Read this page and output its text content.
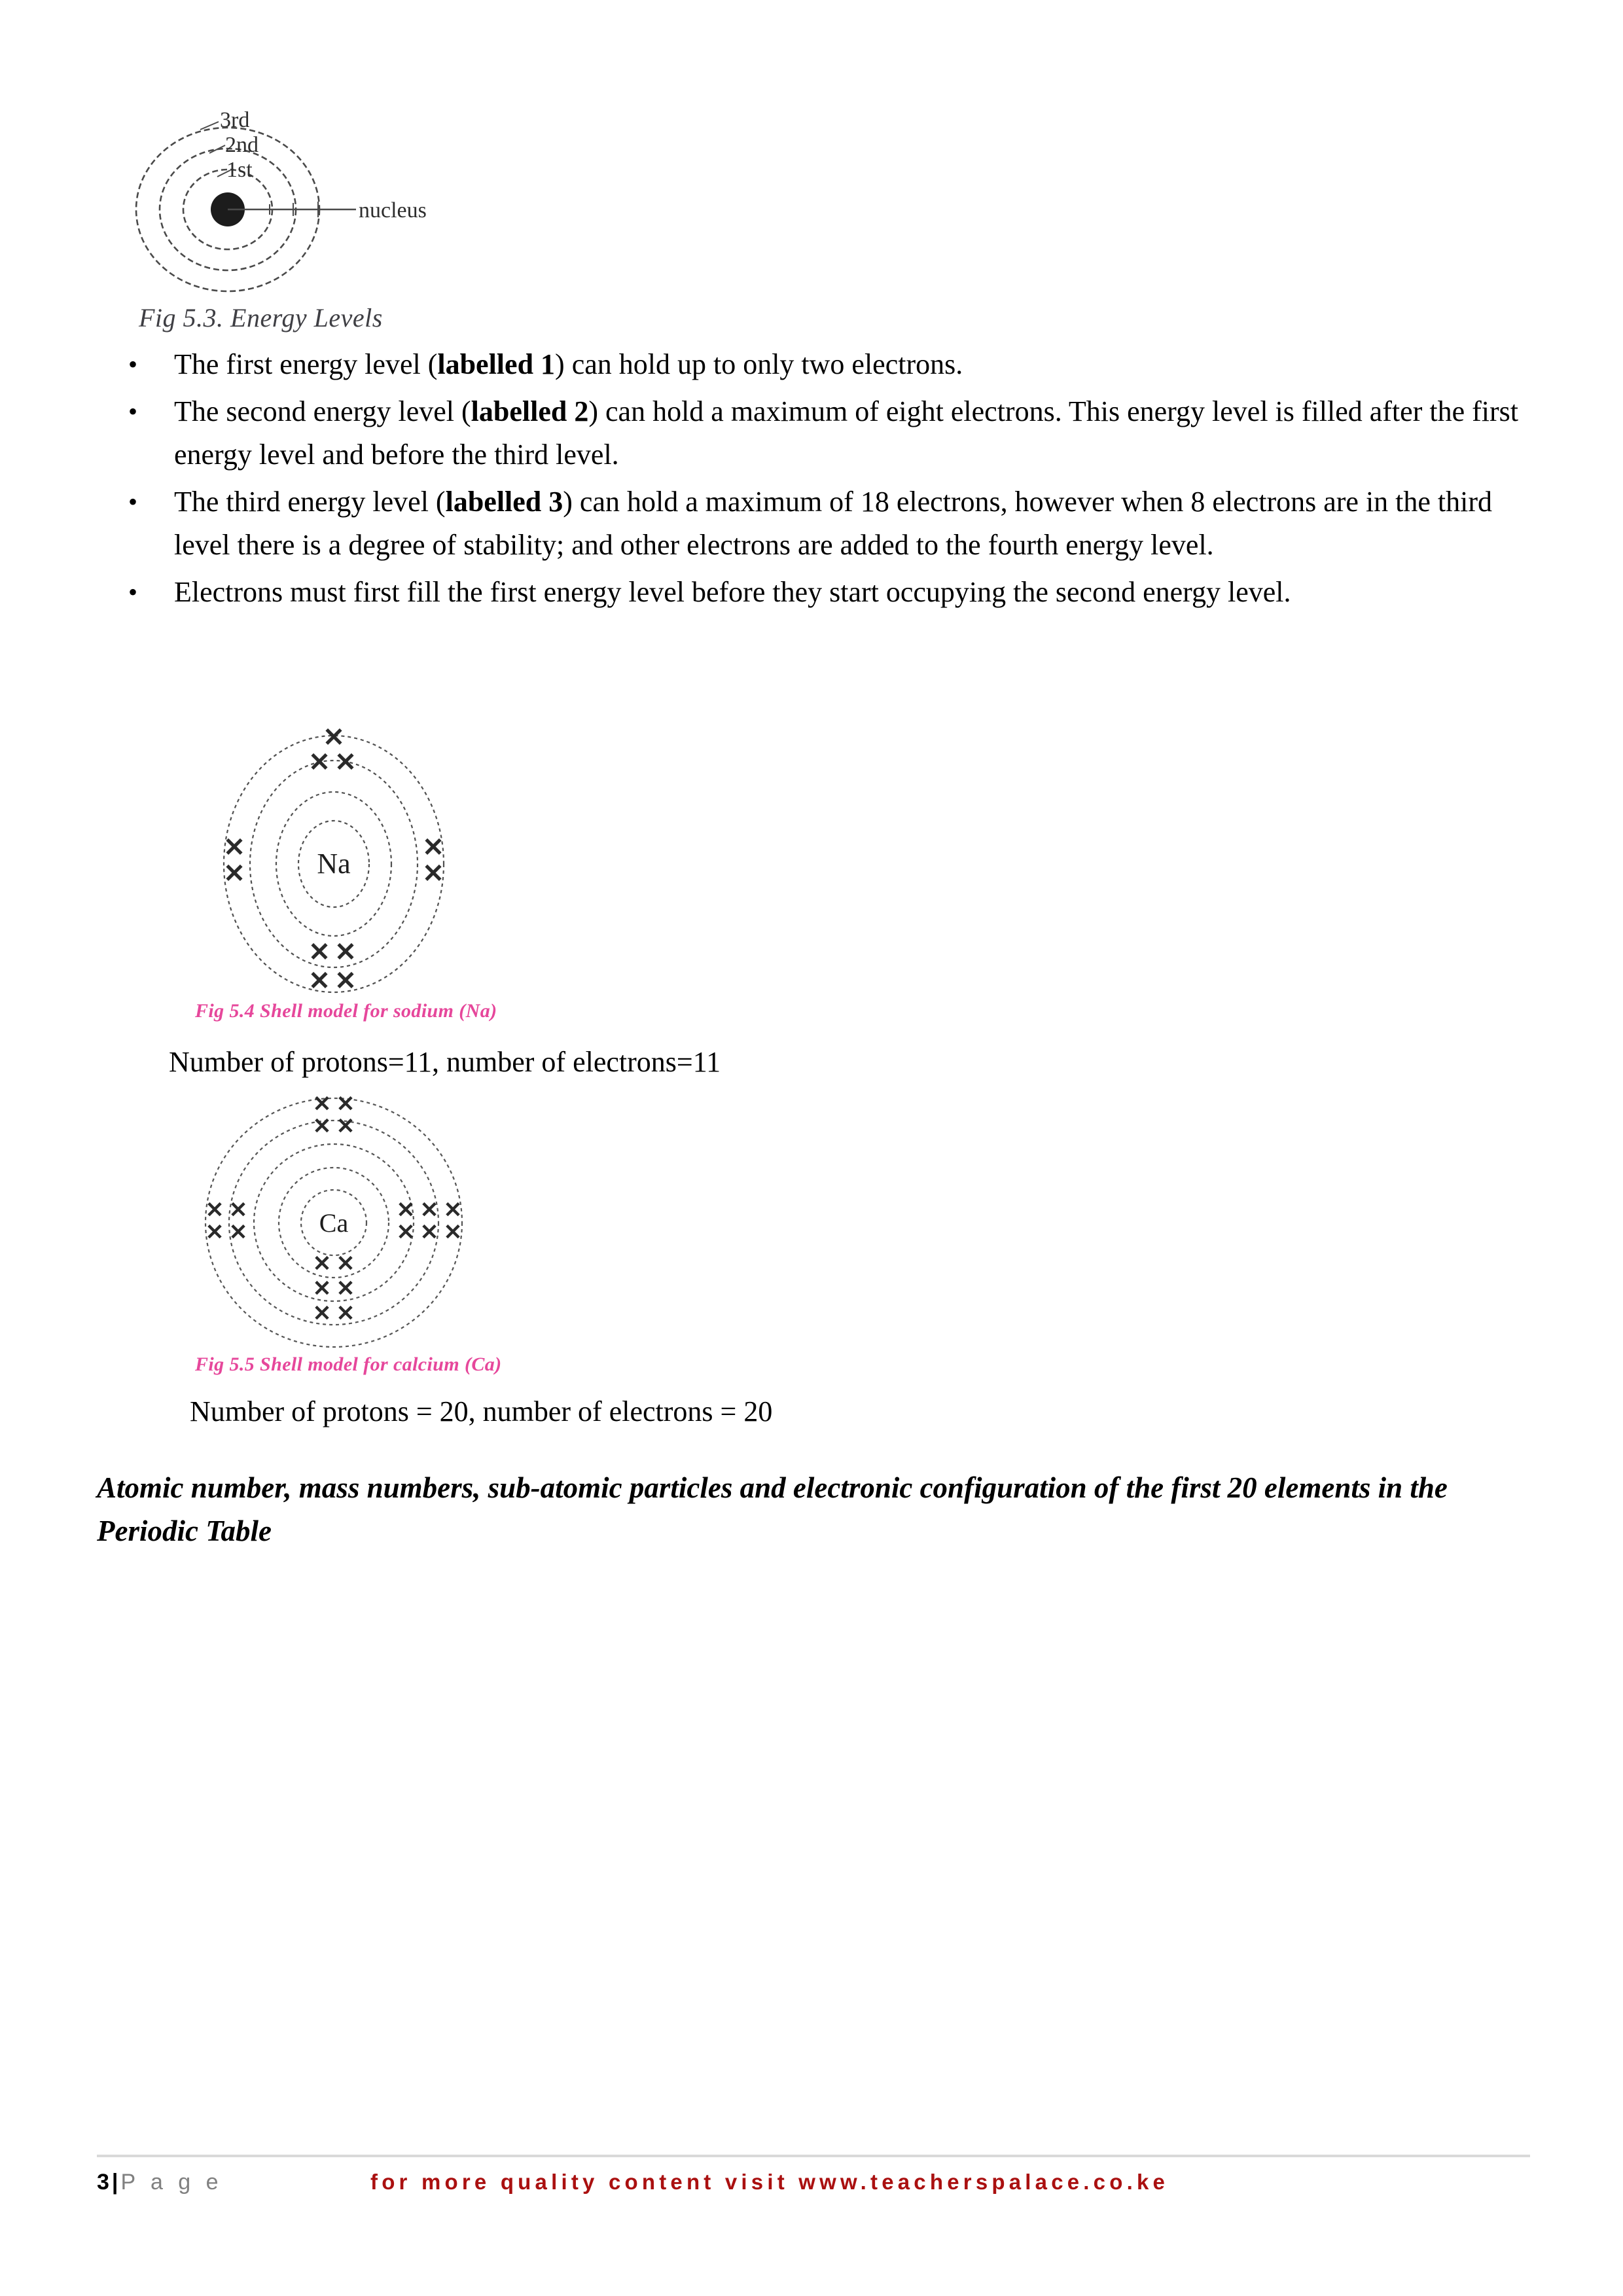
3rd
2nd
1st
nucleus
Fig 5.3. Energy Levels
•	The first energy level (labelled 1) can hold up to only two electrons.
•	The second energy level (labelled 2) can hold a maximum of eight electrons. This energy level is filled after the first energy level and before the third level.
•	The third energy level (labelled 3) can hold a maximum of 18 electrons, however when 8 electrons are in the third level there is a degree of stability; and other electrons are added to the fourth energy level.
•	Electrons must first fill the first energy level before they start occupying the second energy level.
Na
✕
✕ ✕
✕ ✕
✕ ✕
✕
✕
✕
✕
Fig 5.4 Shell model for sodium (Na)
Number of protons=11, number of electrons=11
Ca
✕ ✕
✕ ✕
✕ ✕
✕ ✕
✕ ✕
✕ ✕
✕ ✕
✕ ✕ ✕
✕ ✕ ✕
Fig 5.5 Shell model for calcium (Ca)
Number of protons = 20, number of electrons = 20
Atomic number, mass numbers, sub-atomic particles and electronic configuration of the first 20 elements in the Periodic Table
3 | P a g e	for more quality content visit www.teacherspalace.co.ke
